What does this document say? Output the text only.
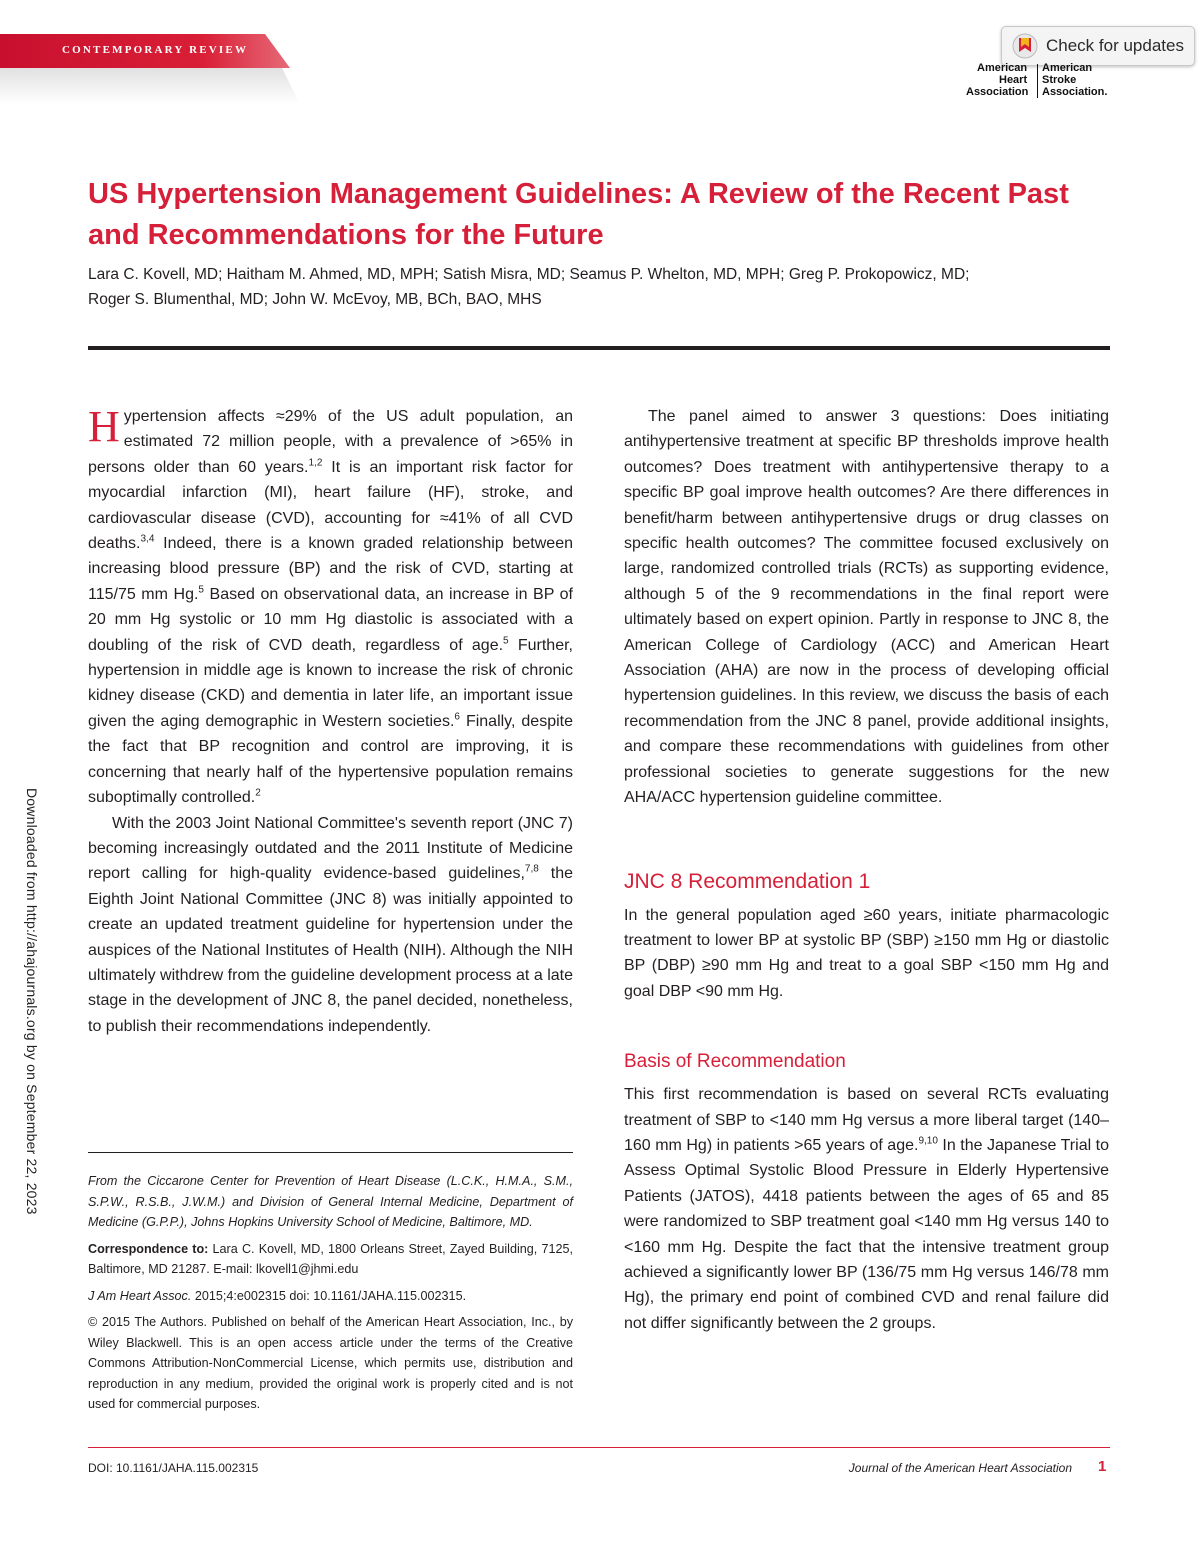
CONTEMPORARY REVIEW	Check for updates
American
Heart
Association
American
Stroke
Association.
US Hypertension Management Guidelines: A Review of the Recent Past and Recommendations for the Future
Lara C. Kovell, MD; Haitham M. Ahmed, MD, MPH; Satish Misra, MD; Seamus P. Whelton, MD, MPH; Greg P. Prokopowicz, MD;
Roger S. Blumenthal, MD; John W. McEvoy, MB, BCh, BAO, MHS

Hypertension affects ≈29% of the US adult population, an estimated 72 million people, with a prevalence of >65% in persons older than 60 years.$^{1,2}$ It is an important risk factor for myocardial infarction (MI), heart failure (HF), stroke, and cardiovascular disease (CVD), accounting for ≈41% of all CVD deaths.$^{3,4}$ Indeed, there is a known graded relationship between increasing blood pressure (BP) and the risk of CVD, starting at 115/75 mm Hg.$^5$ Based on observational data, an increase in BP of 20 mm Hg systolic or 10 mm Hg diastolic is associated with a doubling of the risk of CVD death, regardless of age.$^5$ Further, hypertension in middle age is known to increase the risk of chronic kidney disease (CKD) and dementia in later life, an important issue given the aging demographic in Western societies.$^6$ Finally, despite the fact that BP recognition and control are improving, it is concerning that nearly half of the hypertensive population remains suboptimally controlled.$^2$

With the 2003 Joint National Committee's seventh report (JNC 7) becoming increasingly outdated and the 2011 Institute of Medicine report calling for high-quality evidence-based guidelines,$^{7,8}$ the Eighth Joint National Committee (JNC 8) was initially appointed to create an updated treatment guideline for hypertension under the auspices of the National Institutes of Health (NIH). Although the NIH ultimately withdrew from the guideline development process at a late stage in the development of JNC 8, the panel decided, nonetheless, to publish their recommendations independently.

From the Ciccarone Center for Prevention of Heart Disease (L.C.K., H.M.A., S.M., S.P.W., R.S.B., J.W.M.) and Division of General Internal Medicine, Department of Medicine (G.P.P.), Johns Hopkins University School of Medicine, Baltimore, MD.

Correspondence to: Lara C. Kovell, MD, 1800 Orleans Street, Zayed Building, 7125, Baltimore, MD 21287. E-mail: lkovell1@jhmi.edu

J Am Heart Assoc. 2015;4:e002315 doi: 10.1161/JAHA.115.002315.

© 2015 The Authors. Published on behalf of the American Heart Association, Inc., by Wiley Blackwell. This is an open access article under the terms of the Creative Commons Attribution-NonCommercial License, which permits use, distribution and reproduction in any medium, provided the original work is properly cited and is not used for commercial purposes.

The panel aimed to answer 3 questions: Does initiating antihypertensive treatment at specific BP thresholds improve health outcomes? Does treatment with antihypertensive therapy to a specific BP goal improve health outcomes? Are there differences in benefit/harm between antihypertensive drugs or drug classes on specific health outcomes? The committee focused exclusively on large, randomized controlled trials (RCTs) as supporting evidence, although 5 of the 9 recommendations in the final report were ultimately based on expert opinion. Partly in response to JNC 8, the American College of Cardiology (ACC) and American Heart Association (AHA) are now in the process of developing official hypertension guidelines. In this review, we discuss the basis of each recommendation from the JNC 8 panel, provide additional insights, and compare these recommendations with guidelines from other professional societies to generate suggestions for the new AHA/ACC hypertension guideline committee.

JNC 8 Recommendation 1

In the general population aged ≥60 years, initiate pharmacologic treatment to lower BP at systolic BP (SBP) ≥150 mm Hg or diastolic BP (DBP) ≥90 mm Hg and treat to a goal SBP <150 mm Hg and goal DBP <90 mm Hg.

Basis of Recommendation

This first recommendation is based on several RCTs evaluating treatment of SBP to <140 mm Hg versus a more liberal target (140–160 mm Hg) in patients >65 years of age.$^{9,10}$ In the Japanese Trial to Assess Optimal Systolic Blood Pressure in Elderly Hypertensive Patients (JATOS), 4418 patients between the ages of 65 and 85 were randomized to SBP treatment goal <140 mm Hg versus 140 to <160 mm Hg. Despite the fact that the intensive treatment group achieved a significantly lower BP (136/75 mm Hg versus 146/78 mm Hg), the primary end point of combined CVD and renal failure did not differ significantly between the 2 groups.

Downloaded from http://ahajournals.org by on September 22, 2023
DOI: 10.1161/JAHA.115.002315	Journal of the American Heart Association 1
